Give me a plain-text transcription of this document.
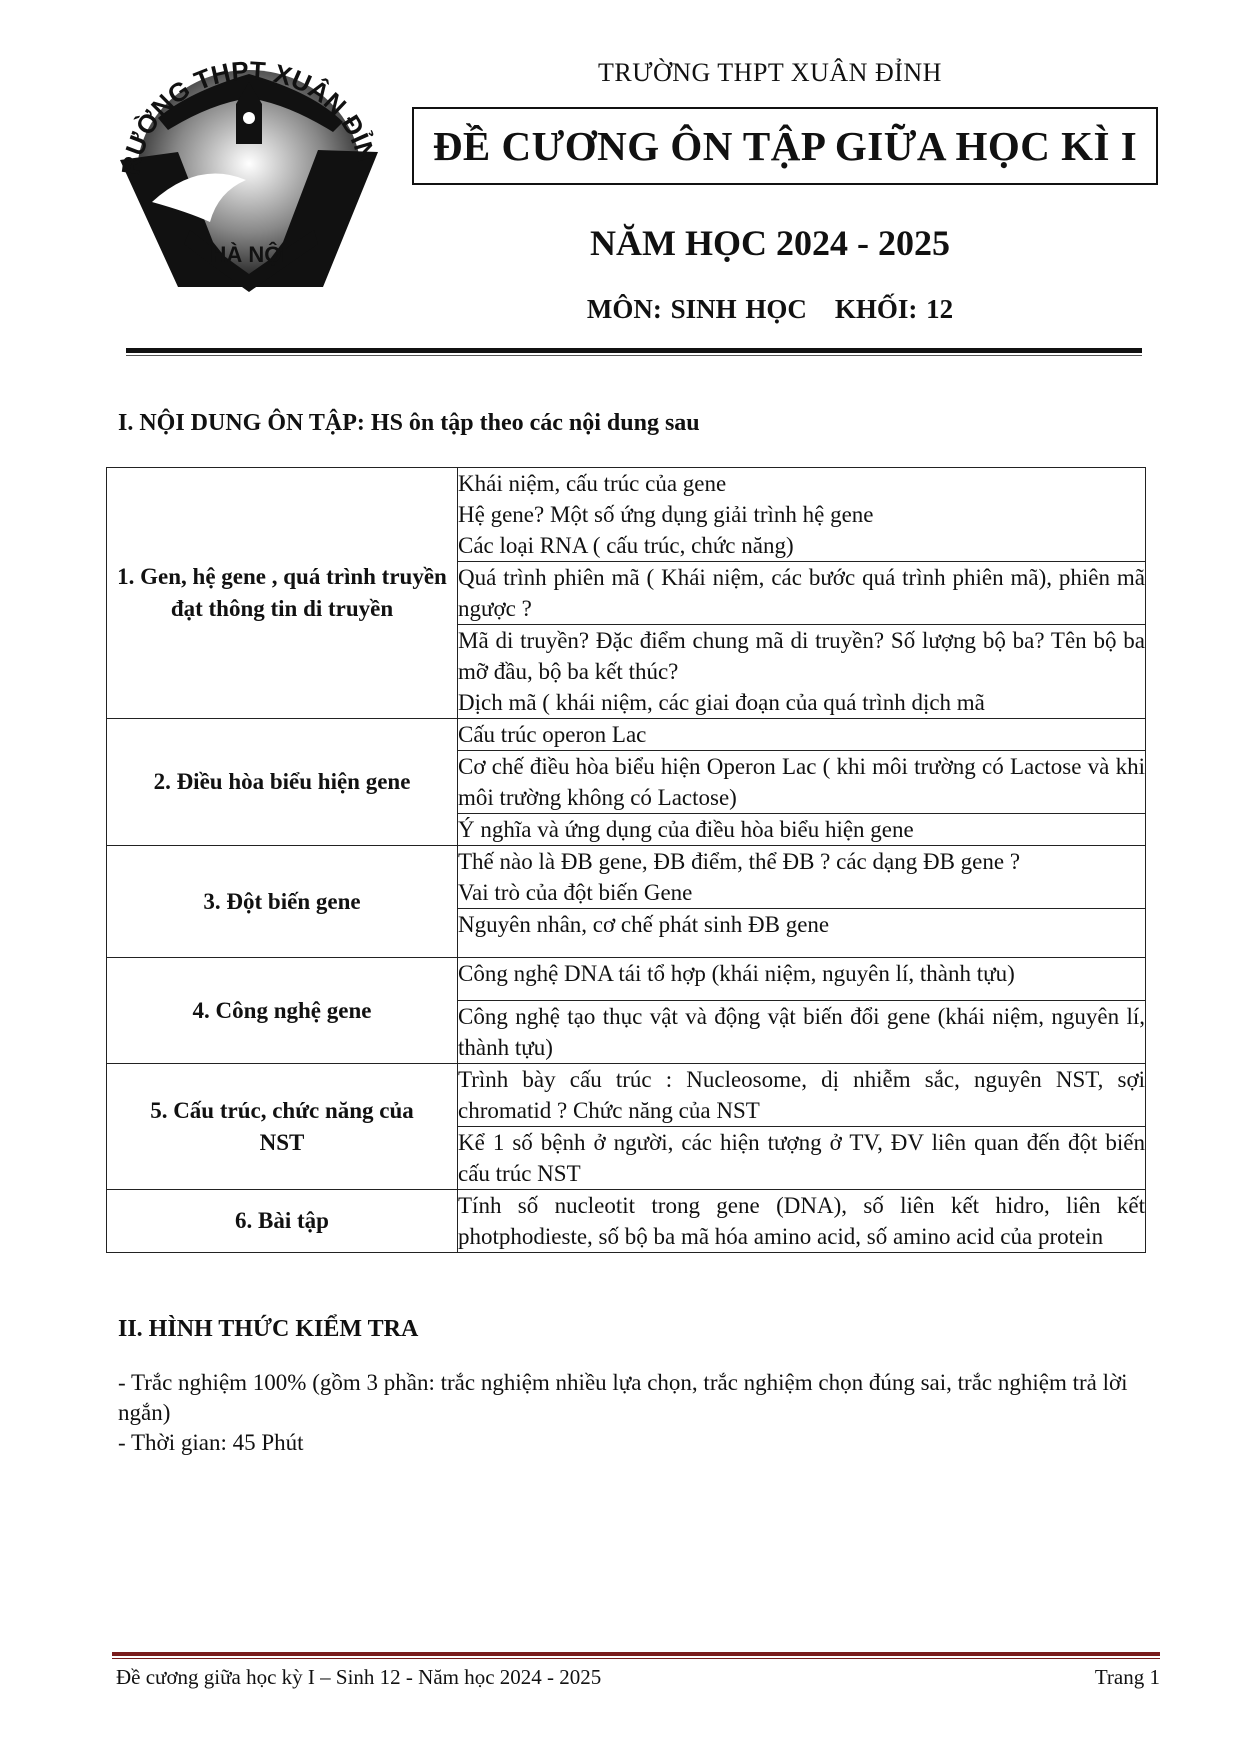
RƯỜNG THPT XUÂN ĐỈN
HÀ NỘI
TRƯỜNG THPT XUÂN ĐỈNH
ĐỀ CƯƠNG ÔN TẬP GIỮA HỌC KÌ I
NĂM HỌC 2024 - 2025
MÔN: SINH HỌC KHỐI: 12
I. NỘI DUNG ÔN TẬP: HS ôn tập theo các nội dung sau
1. Gen, hệ gene , quá trình truyền đạt thông tin di truyền	Khái niệm, cấu trúc của gene
Hệ gene? Một số ứng dụng giải trình hệ gene
Các loại RNA ( cấu trúc, chức năng)

	Quá trình phiên mã ( Khái niệm, các bước quá trình phiên mã), phiên mã ngược ?

	Mã di truyền? Đặc điểm chung mã di truyền? Số lượng bộ ba? Tên bộ ba mỡ đầu, bộ ba kết thúc?
Dịch mã ( khái niệm, các giai đoạn của quá trình dịch mã

2. Điều hòa biểu hiện gene	Cấu trúc operon Lac

	Cơ chế điều hòa biểu hiện Operon Lac ( khi môi trường có Lactose và khi môi trường không có Lactose)

	Ý nghĩa và ứng dụng của điều hòa biểu hiện gene

3. Đột biến gene	Thế nào là ĐB gene, ĐB điểm, thể ĐB ? các dạng ĐB gene ?
Vai trò của đột biến Gene

	Nguyên nhân, cơ chế phát sinh ĐB gene

4. Công nghệ gene	Công nghệ DNA tái tổ hợp (khái niệm, nguyên lí, thành tựu)

	Công nghệ tạo thục vật và động vật biến đổi gene (khái niệm, nguyên lí, thành tựu)

5. Cấu trúc, chức năng của NST	Trình bày cấu trúc : Nucleosome, dị nhiễm sắc, nguyên NST, sợi chromatid ? Chức năng của NST

	Kể 1 số bệnh ở người, các hiện tượng ở TV, ĐV liên quan đến đột biến cấu trúc NST

6. Bài tập	Tính số nucleotit trong gene (DNA), số liên kết hidro, liên kết photphodieste, số bộ ba mã hóa amino acid, số amino acid của protein
II. HÌNH THỨC KIỂM TRA
- Trắc nghiệm 100% (gồm 3 phần: trắc nghiệm nhiều lựa chọn, trắc nghiệm chọn đúng sai, trắc nghiệm trả lời ngắn)
- Thời gian: 45 Phút
Đề cương giữa học kỳ I – Sinh 12 - Năm học 2024 - 2025	Trang 1
